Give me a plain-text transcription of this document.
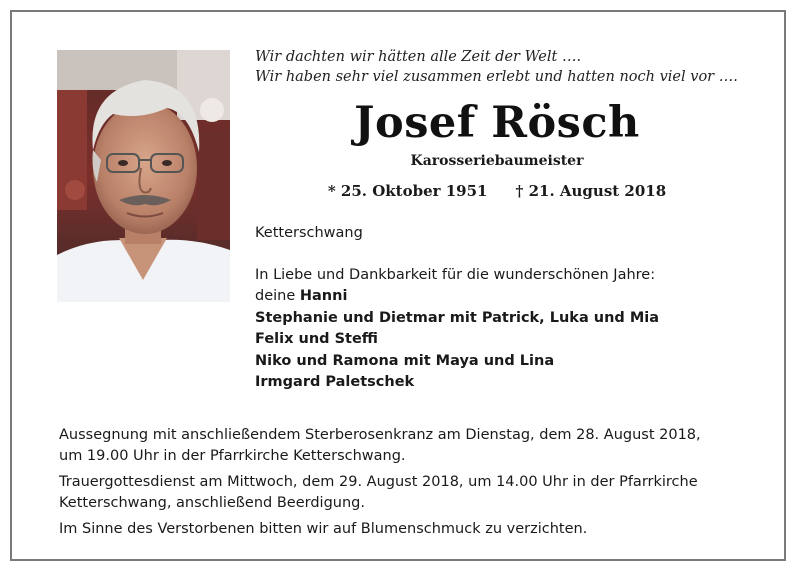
Wir dachten wir hätten alle Zeit der Welt ….
Wir haben sehr viel zusammen erlebt und hatten noch viel vor ….
Josef Rösch
Karosseriebaumeister
* 25. Oktober 1951 † 21. August 2018
Ketterschwang
In Liebe und Dankbarkeit für die wunderschönen Jahre:
deine Hanni
Stephanie und Dietmar mit Patrick, Luka und Mia
Felix und Steffi
Niko und Ramona mit Maya und Lina
Irmgard Paletschek

Aussegnung mit anschließendem Sterberosenkranz am Dienstag, dem 28. August 2018,
um 19.00 Uhr in der Pfarrkirche Ketterschwang.

Trauergottesdienst am Mittwoch, dem 29. August 2018, um 14.00 Uhr in der Pfarrkirche
Ketterschwang, anschließend Beerdigung.

Im Sinne des Verstorbenen bitten wir auf Blumenschmuck zu verzichten.
